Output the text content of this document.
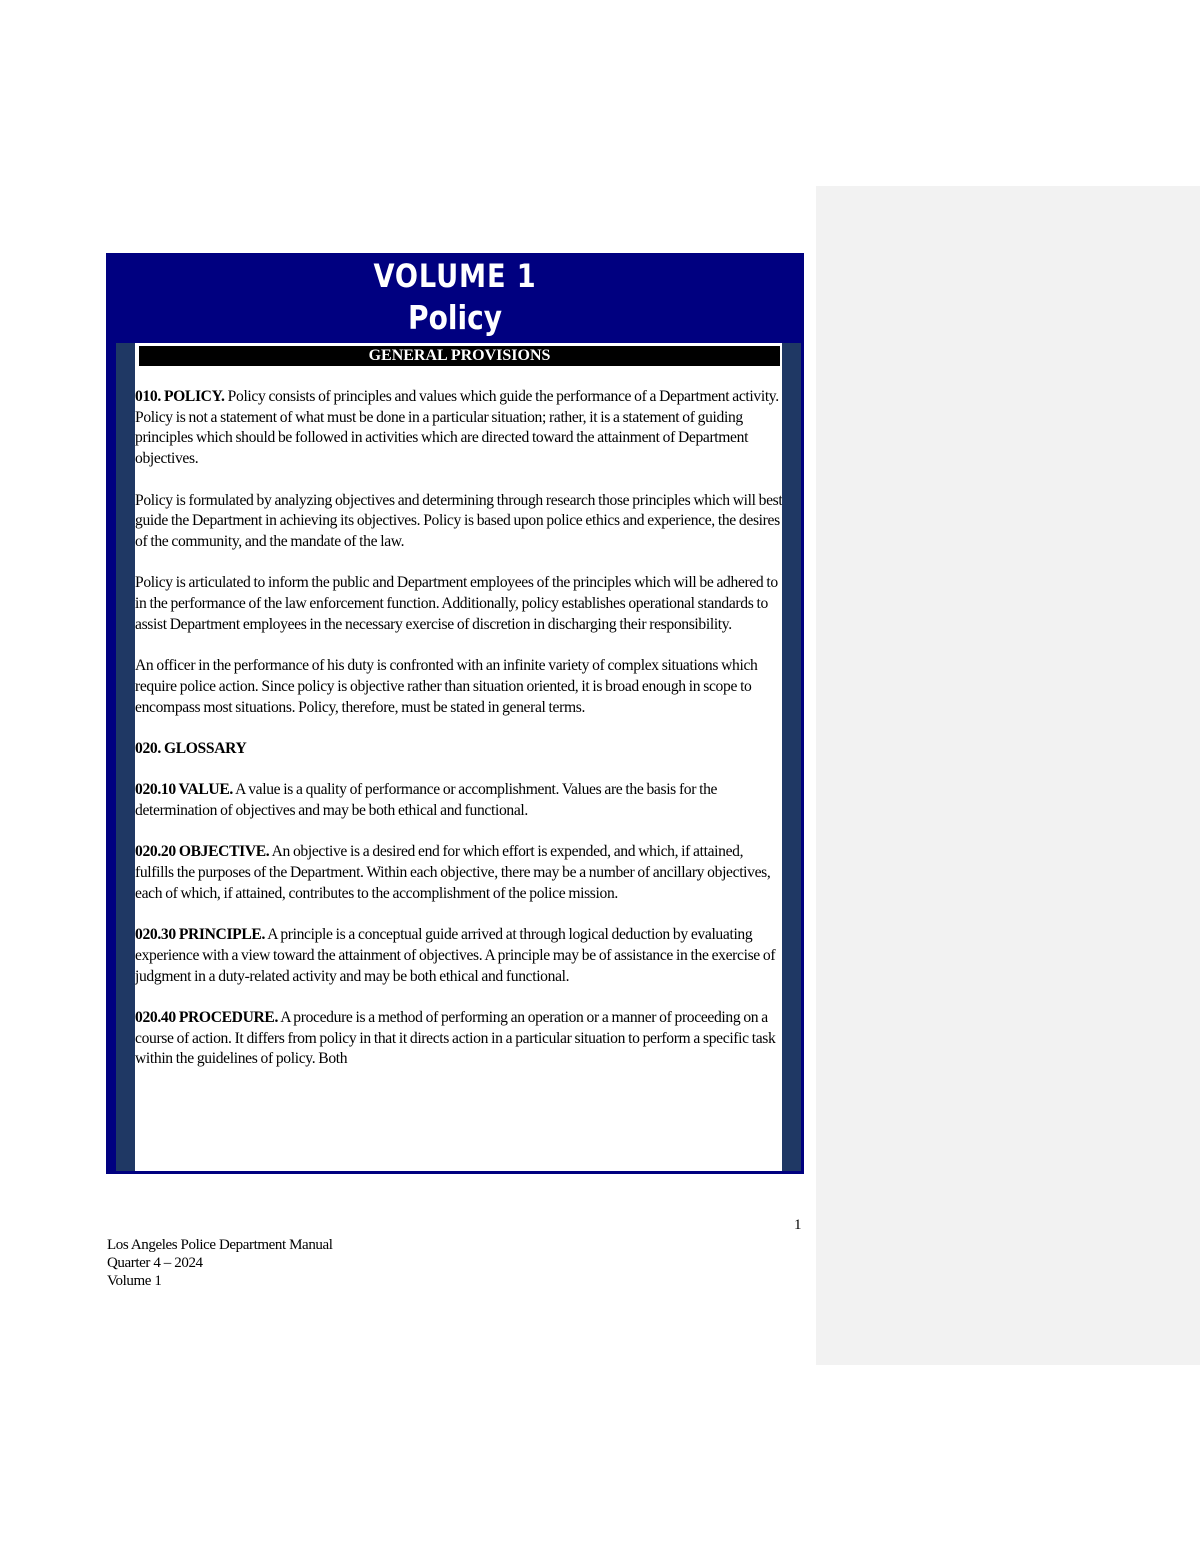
VOLUME 1
Policy
GENERAL PROVISIONS

010. POLICY. Policy consists of principles and values which guide the performance of a Department activity. Policy is not a statement of what must be done in a particular situation; rather, it is a statement of guiding principles which should be followed in activities which are directed toward the attainment of Department objectives.

Policy is formulated by analyzing objectives and determining through research those principles which will best guide the Department in achieving its objectives. Policy is based upon police ethics and experience, the desires of the community, and the mandate of the law.

Policy is articulated to inform the public and Department employees of the principles which will be adhered to in the performance of the law enforcement function. Additionally, policy establishes operational standards to assist Department employees in the necessary exercise of discretion in discharging their responsibility.

An officer in the performance of his duty is confronted with an infinite variety of complex situations which require police action. Since policy is objective rather than situation oriented, it is broad enough in scope to encompass most situations. Policy, therefore, must be stated in general terms.

020. GLOSSARY

020.10 VALUE. A value is a quality of performance or accomplishment. Values are the basis for the determination of objectives and may be both ethical and functional.

020.20 OBJECTIVE. An objective is a desired end for which effort is expended, and which, if attained, fulfills the purposes of the Department. Within each objective, there may be a number of ancillary objectives, each of which, if attained, contributes to the accomplishment of the police mission.

020.30 PRINCIPLE. A principle is a conceptual guide arrived at through logical deduction by evaluating experience with a view toward the attainment of objectives. A principle may be of assistance in the exercise of judgment in a duty-related activity and may be both ethical and functional.

020.40 PROCEDURE. A procedure is a method of performing an operation or a manner of proceeding on a course of action. It differs from policy in that it directs action in a particular situation to perform a specific task within the guidelines of policy. Both

1
Los Angeles Police Department Manual
Quarter 4 – 2024
Volume 1
